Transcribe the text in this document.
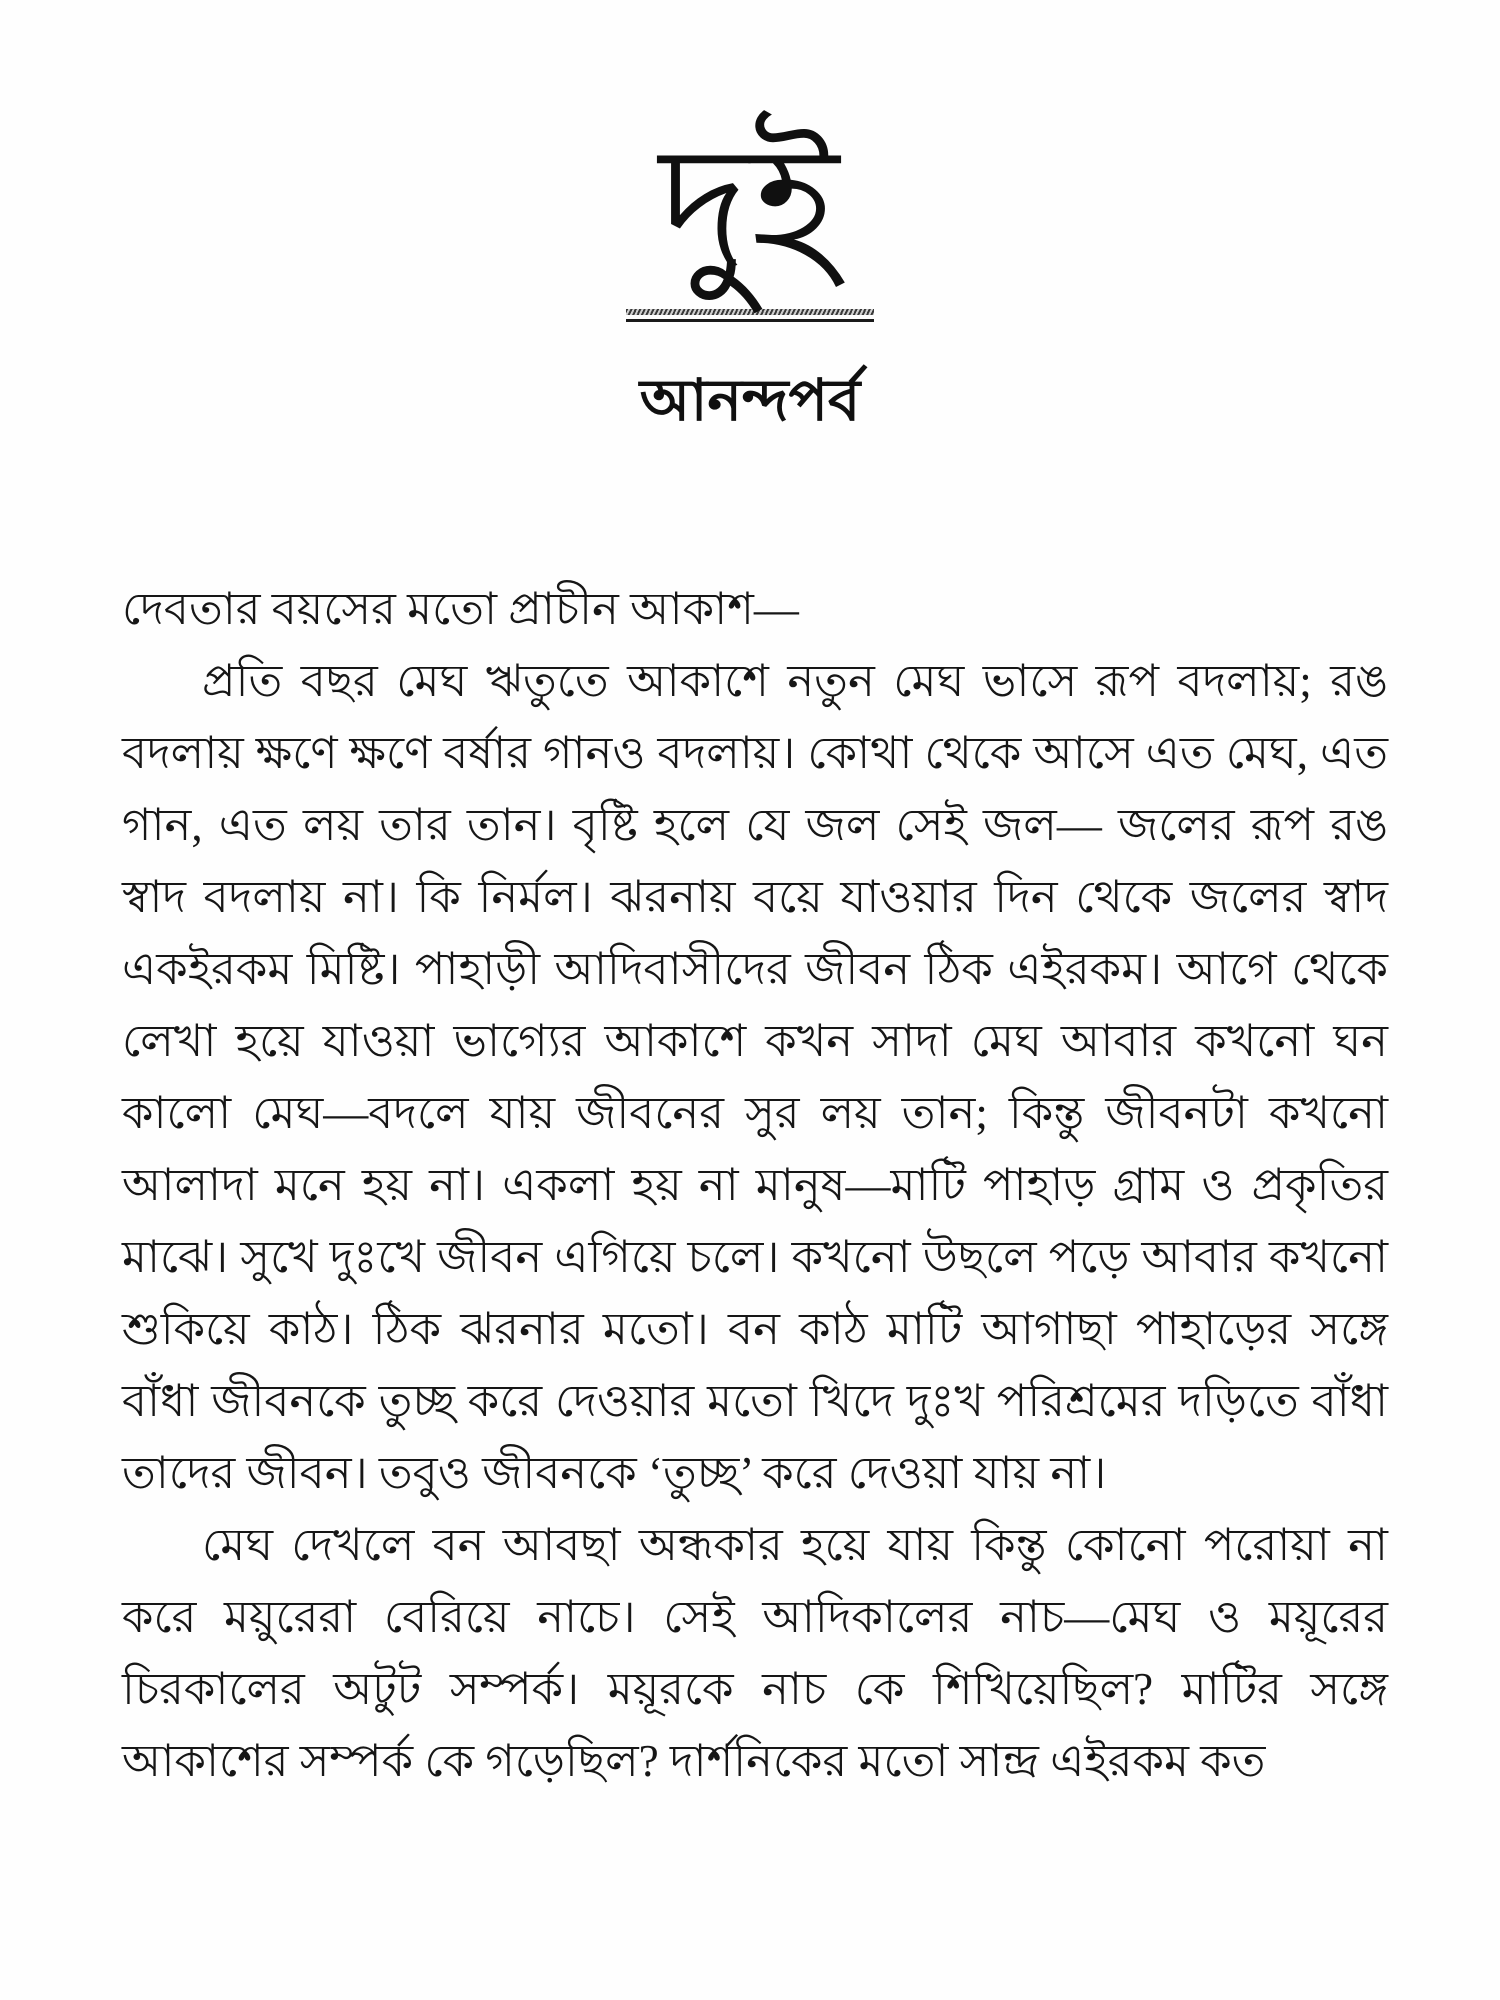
দুই
আনন্দপর্ব

দেবতার বয়সের মতো প্রাচীন আকাশ—

প্রতি বছর মেঘ ঋতুতে আকাশে নতুন মেঘ ভাসে রূপ বদলায়; রঙ বদলায় ক্ষণে ক্ষণে বর্ষার গানও বদলায়। কোথা থেকে আসে এত মেঘ, এত গান, এত লয় তার তান। বৃষ্টি হলে যে জল সেই জল— জলের রূপ রঙ স্বাদ বদলায় না। কি নির্মল। ঝরনায় বয়ে যাওয়ার দিন থেকে জলের স্বাদ একইরকম মিষ্টি। পাহাড়ী আদিবাসীদের জীবন ঠিক এইরকম। আগে থেকে লেখা হয়ে যাওয়া ভাগ্যের আকাশে কখন সাদা মেঘ আবার কখনো ঘন কালো মেঘ—বদলে যায় জীবনের সুর লয় তান; কিন্তু জীবনটা কখনো আলাদা মনে হয় না। একলা হয় না মানুষ—মাটি পাহাড় গ্রাম ও প্রকৃতির মাঝে। সুখে দুঃখে জীবন এগিয়ে চলে। কখনো উছলে পড়ে আবার কখনো শুকিয়ে কাঠ। ঠিক ঝরনার মতো। বন কাঠ মাটি আগাছা পাহাড়ের সঙ্গে বাঁধা জীবনকে তুচ্ছ করে দেওয়ার মতো খিদে দুঃখ পরিশ্রমের দড়িতে বাঁধা তাদের জীবন। তবুও জীবনকে ‘তুচ্ছ’ করে দেওয়া যায় না।

মেঘ দেখলে বন আবছা অন্ধকার হয়ে যায় কিন্তু কোনো পরোয়া না করে ময়ুরেরা বেরিয়ে নাচে। সেই আদিকালের নাচ—মেঘ ও ময়ূরের চিরকালের অটুট সম্পর্ক। ময়ূরকে নাচ কে শিখিয়েছিল? মাটির সঙ্গে আকাশের সম্পর্ক কে গড়েছিল? দার্শনিকের মতো সান্দ্র এইরকম কত
